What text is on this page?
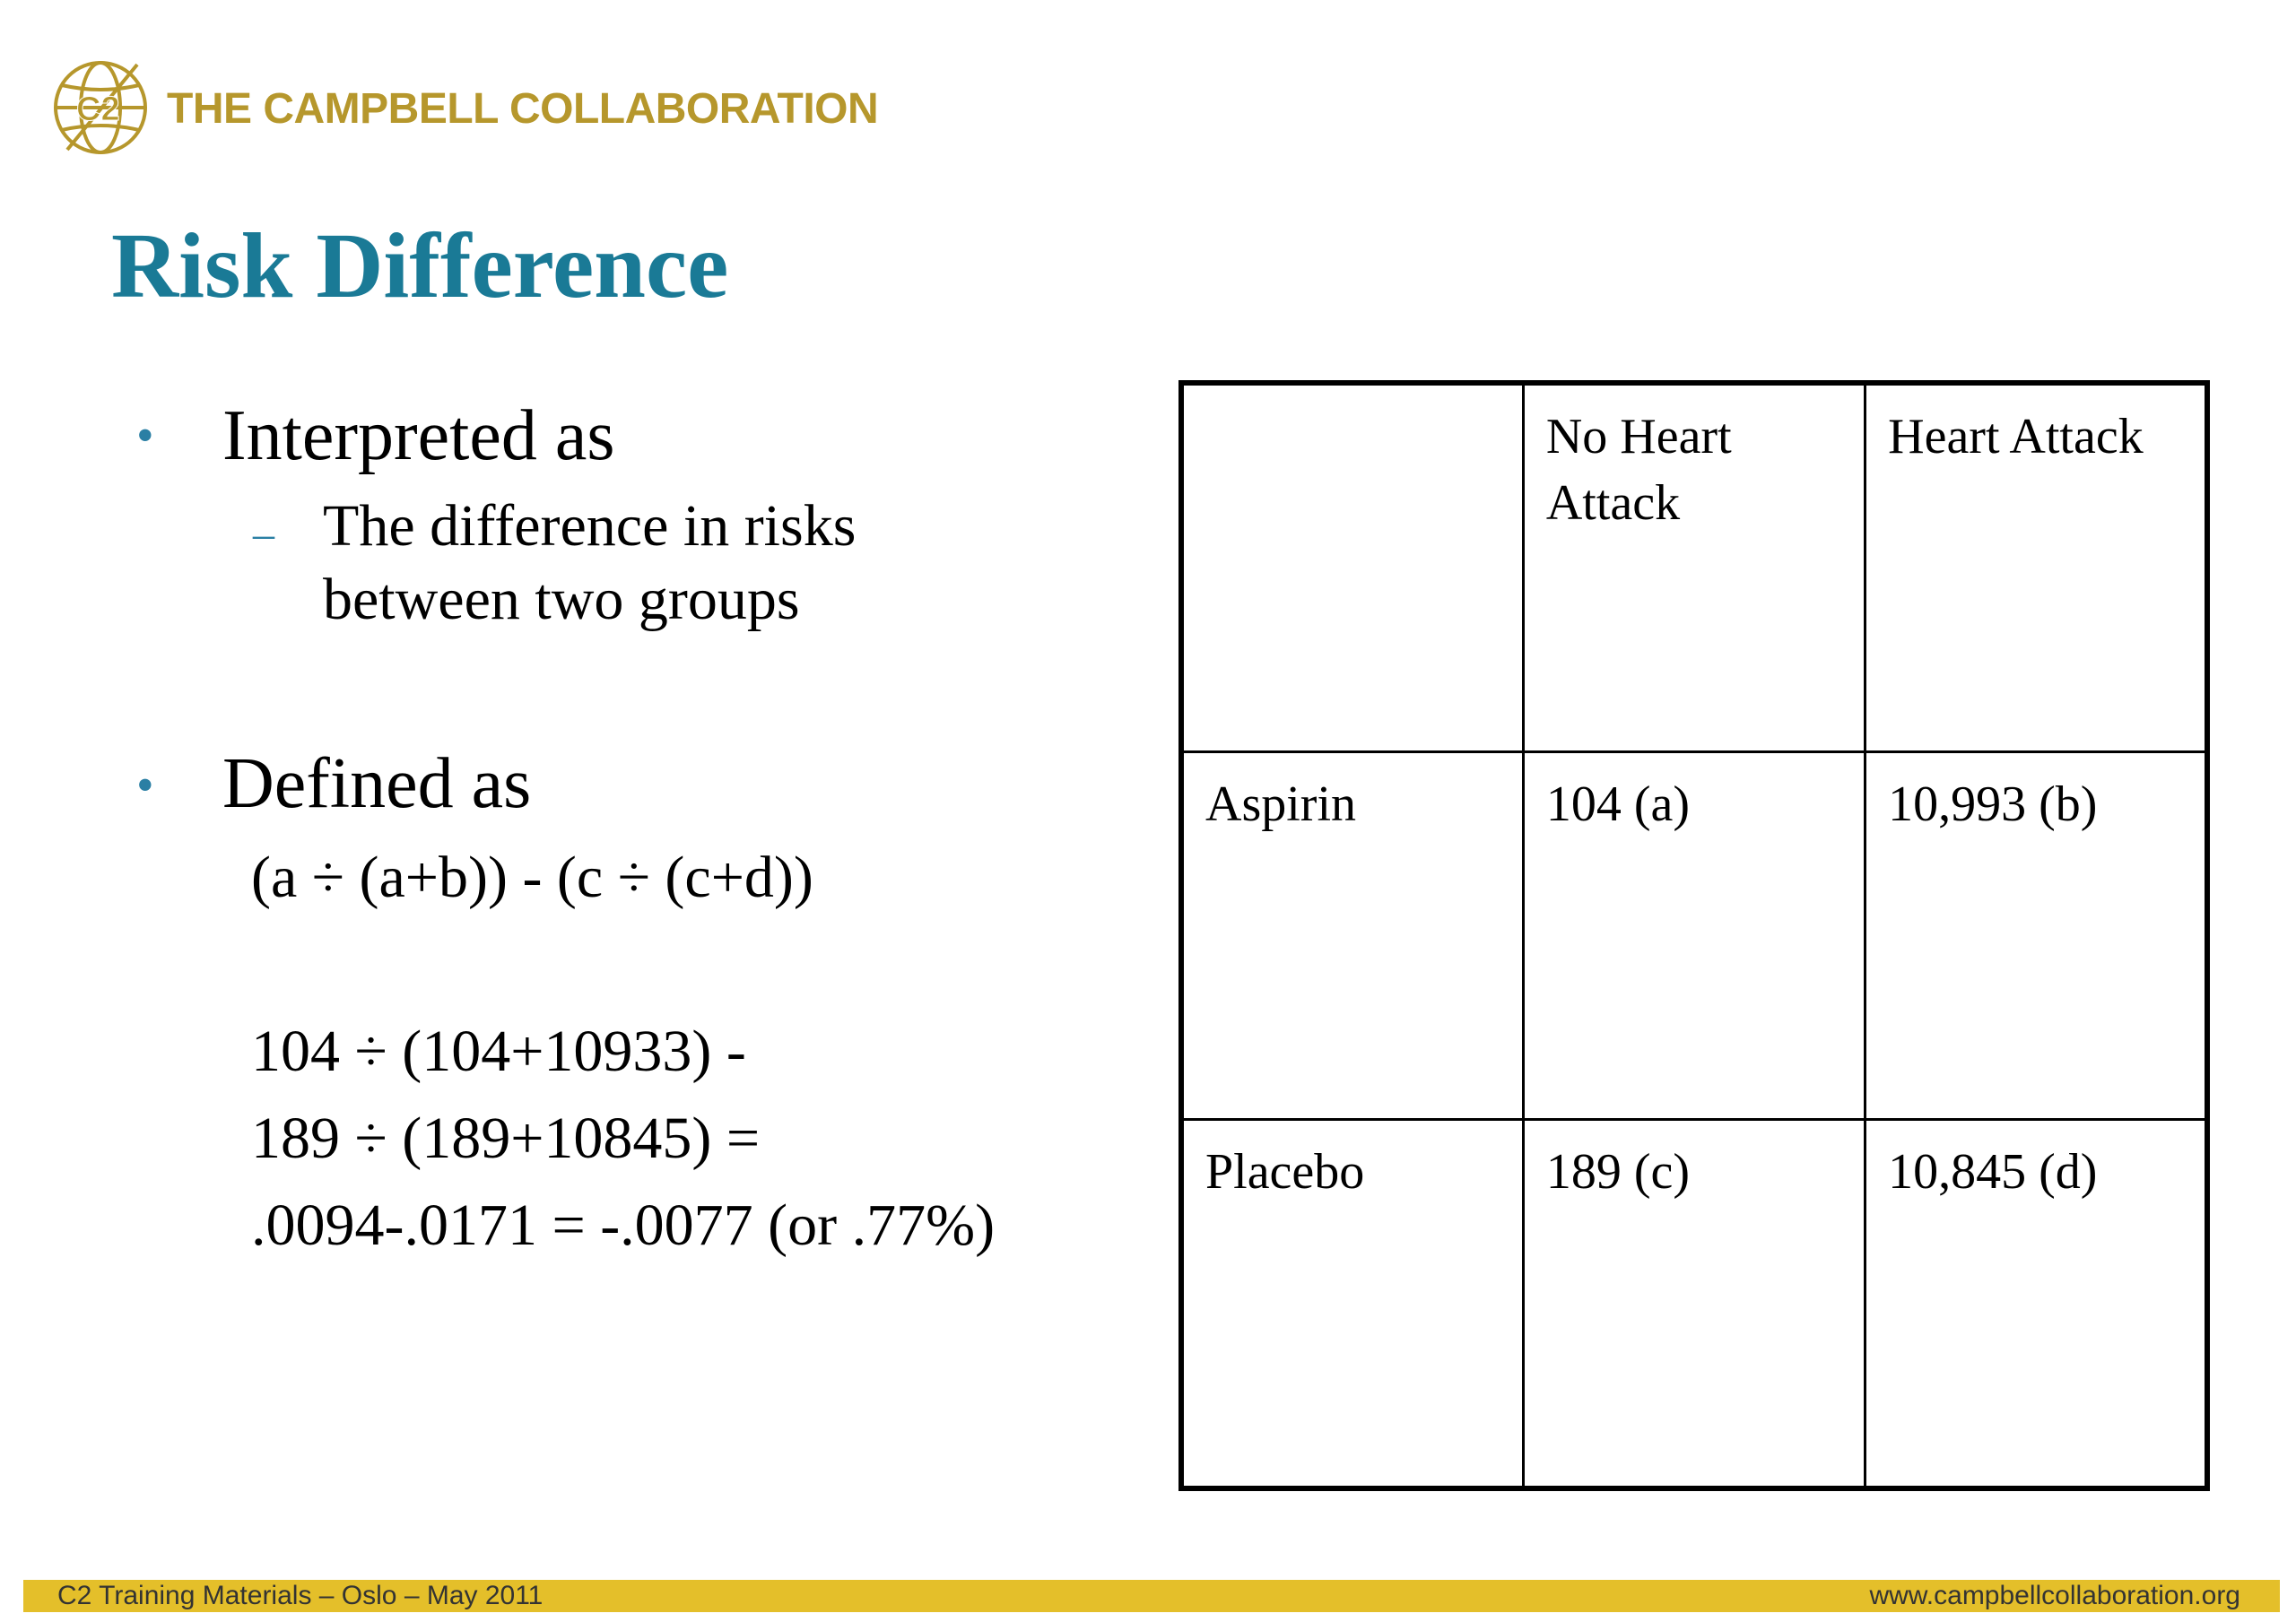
C2 THE CAMPBELL COLLABORATION
Risk Difference
• Interpreted as
– The difference in risks
between two groups
• Defined as
(a ÷ (a+b)) - (c ÷ (c+d))
104 ÷ (104+10933) -
189 ÷ (189+10845) =
.0094-.0171 = -.0077 (or .77%)
	No Heart Attack	Heart Attack
Aspirin	104 (a)	10,993 (b)
Placebo	189 (c)	10,845 (d)
C2 Training Materials – Oslo – May 2011	www.campbellcollaboration.org
